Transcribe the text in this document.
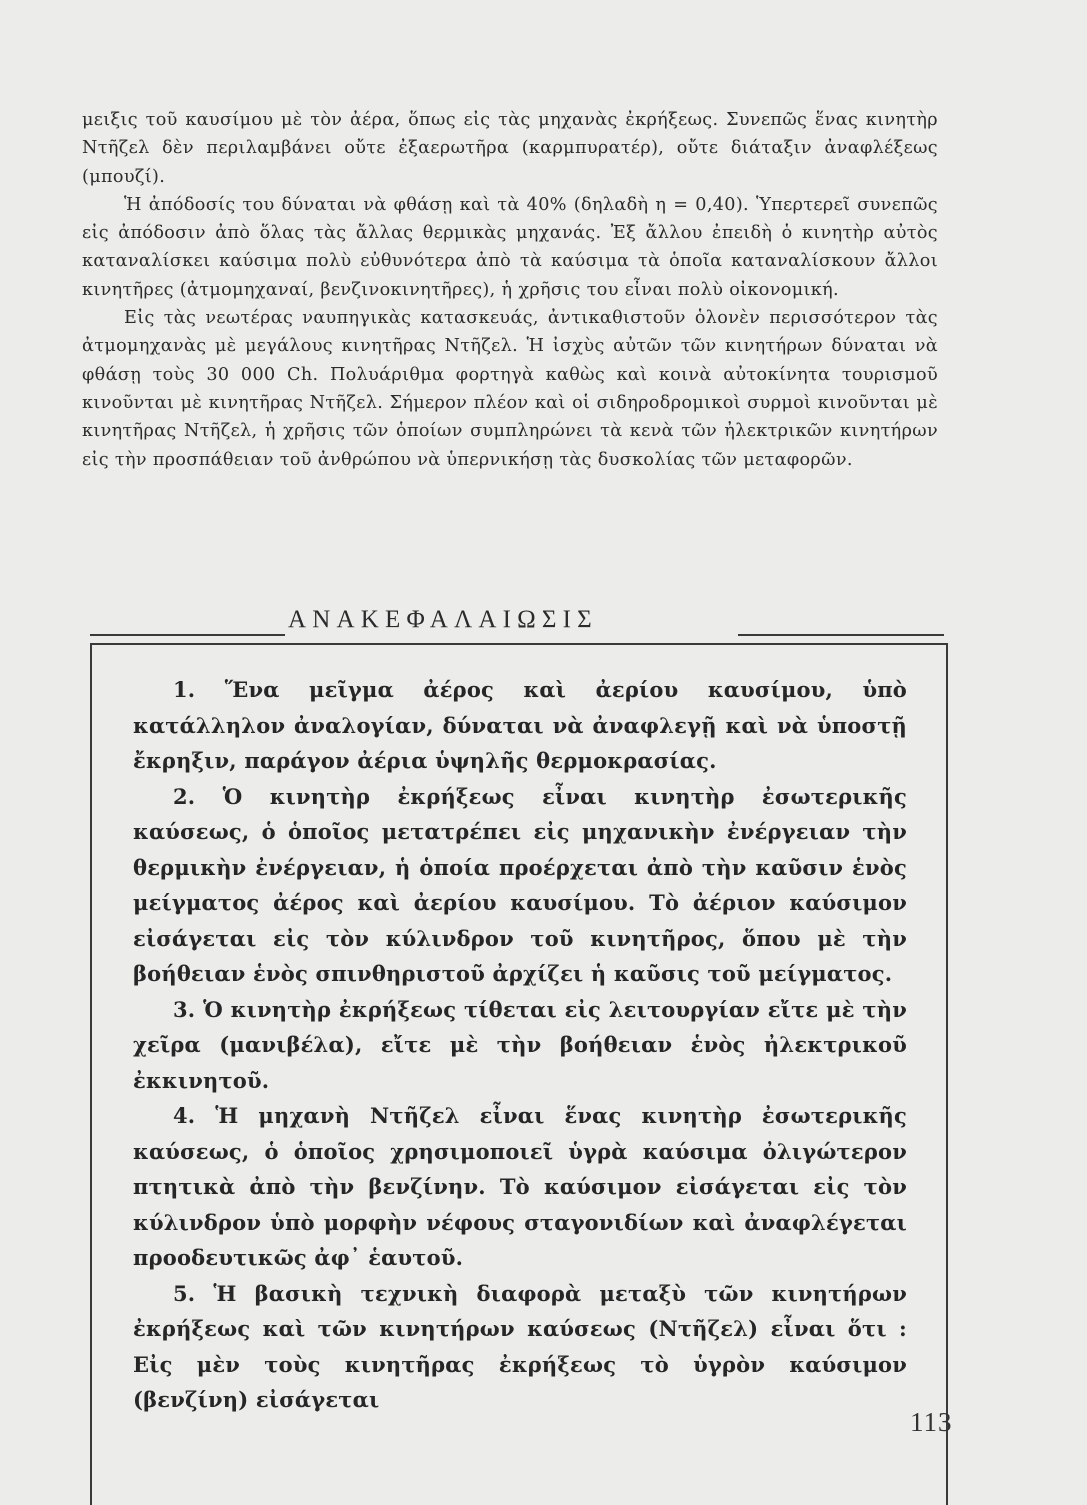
μειξις τοῦ καυσίμου μὲ τὸν ἀέρα, ὅπως εἰς τὰς μηχανὰς ἐκρήξεως. Συνεπῶς ἕνας κινητὴρ Ντῆζελ δὲν περιλαμβάνει οὔτε ἐξαερωτῆρα (καρμπυρατέρ), οὔτε διάταξιν ἀναφλέξεως (μπουζί).

Ἡ ἀπόδοσίς του δύναται νὰ φθάσῃ καὶ τὰ 40% (δηλαδὴ η = 0,40). Ὑπερτερεῖ συνεπῶς εἰς ἀπόδοσιν ἀπὸ ὅλας τὰς ἄλλας θερμικὰς μηχανάς. Ἐξ ἄλλου ἐπειδὴ ὁ κινητὴρ αὐτὸς καταναλίσκει καύσιμα πολὺ εὐθυνότερα ἀπὸ τὰ καύσιμα τὰ ὁποῖα καταναλίσκουν ἄλλοι κινητῆρες (ἀτμομηχαναί, βενζινοκινητῆρες), ἡ χρῆσις του εἶναι πολὺ οἰκονομική.

Εἰς τὰς νεωτέρας ναυπηγικὰς κατασκευάς, ἀντικαθιστοῦν ὁλονὲν περισσότερον τὰς ἀτμομηχανὰς μὲ μεγάλους κινητῆρας Ντῆζελ. Ἡ ἰσχὺς αὐτῶν τῶν κινητήρων δύναται νὰ φθάσῃ τοὺς 30 000 Ch. Πολυάριθμα φορτηγὰ καθὼς καὶ κοινὰ αὐτοκίνητα τουρισμοῦ κινοῦνται μὲ κινητῆρας Ντῆζελ. Σήμερον πλέον καὶ οἱ σιδηροδρομικοὶ συρμοὶ κινοῦνται μὲ κινητῆρας Ντῆζελ, ἡ χρῆσις τῶν ὁποίων συμπληρώνει τὰ κενὰ τῶν ἠλεκτρικῶν κινητήρων εἰς τὴν προσπάθειαν τοῦ ἀνθρώπου νὰ ὑπερνικήσῃ τὰς δυσκολίας τῶν μεταφορῶν.

ΑΝΑΚΕΦΑΛΑΙΩΣΙΣ

1. Ἕνα μεῖγμα ἀέρος καὶ ἀερίου καυσίμου, ὑπὸ κατάλληλον ἀναλογίαν, δύναται νὰ ἀναφλεγῇ καὶ νὰ ὑποστῇ ἔκρηξιν, παράγον ἀέρια ὑψηλῆς θερμοκρασίας.

2. Ὁ κινητὴρ ἐκρήξεως εἶναι κινητὴρ ἐσωτερικῆς καύσεως, ὁ ὁποῖος μετατρέπει εἰς μηχανικὴν ἐνέργειαν τὴν θερμικὴν ἐνέργειαν, ἡ ὁποία προέρχεται ἀπὸ τὴν καῦσιν ἑνὸς μείγματος ἀέρος καὶ ἀερίου καυσίμου. Τὸ ἀέριον καύσιμον εἰσάγεται εἰς τὸν κύλινδρον τοῦ κινητῆρος, ὅπου μὲ τὴν βοήθειαν ἑνὸς σπινθηριστοῦ ἀρχίζει ἡ καῦσις τοῦ μείγματος.

3. Ὁ κινητὴρ ἐκρήξεως τίθεται εἰς λειτουργίαν εἴτε μὲ τὴν χεῖρα (μανιβέλα), εἴτε μὲ τὴν βοήθειαν ἑνὸς ἠλεκτρικοῦ ἐκκινητοῦ.

4. Ἡ μηχανὴ Ντῆζελ εἶναι ἕνας κινητὴρ ἐσωτερικῆς καύσεως, ὁ ὁποῖος χρησιμοποιεῖ ὑγρὰ καύσιμα ὀλιγώτερον πτητικὰ ἀπὸ τὴν βενζίνην. Τὸ καύσιμον εἰσάγεται εἰς τὸν κύλινδρον ὑπὸ μορφὴν νέφους σταγονιδίων καὶ ἀναφλέγεται προοδευτικῶς ἀφ᾽ ἑαυτοῦ.

5. Ἡ βασικὴ τεχνικὴ διαφορὰ μεταξὺ τῶν κινητήρων ἐκρήξεως καὶ τῶν κινητήρων καύσεως (Ντῆζελ) εἶναι ὅτι : Εἰς μὲν τοὺς κινητῆρας ἐκρήξεως τὸ ὑγρὸν καύσιμον (βενζίνη) εἰσάγεται

113
